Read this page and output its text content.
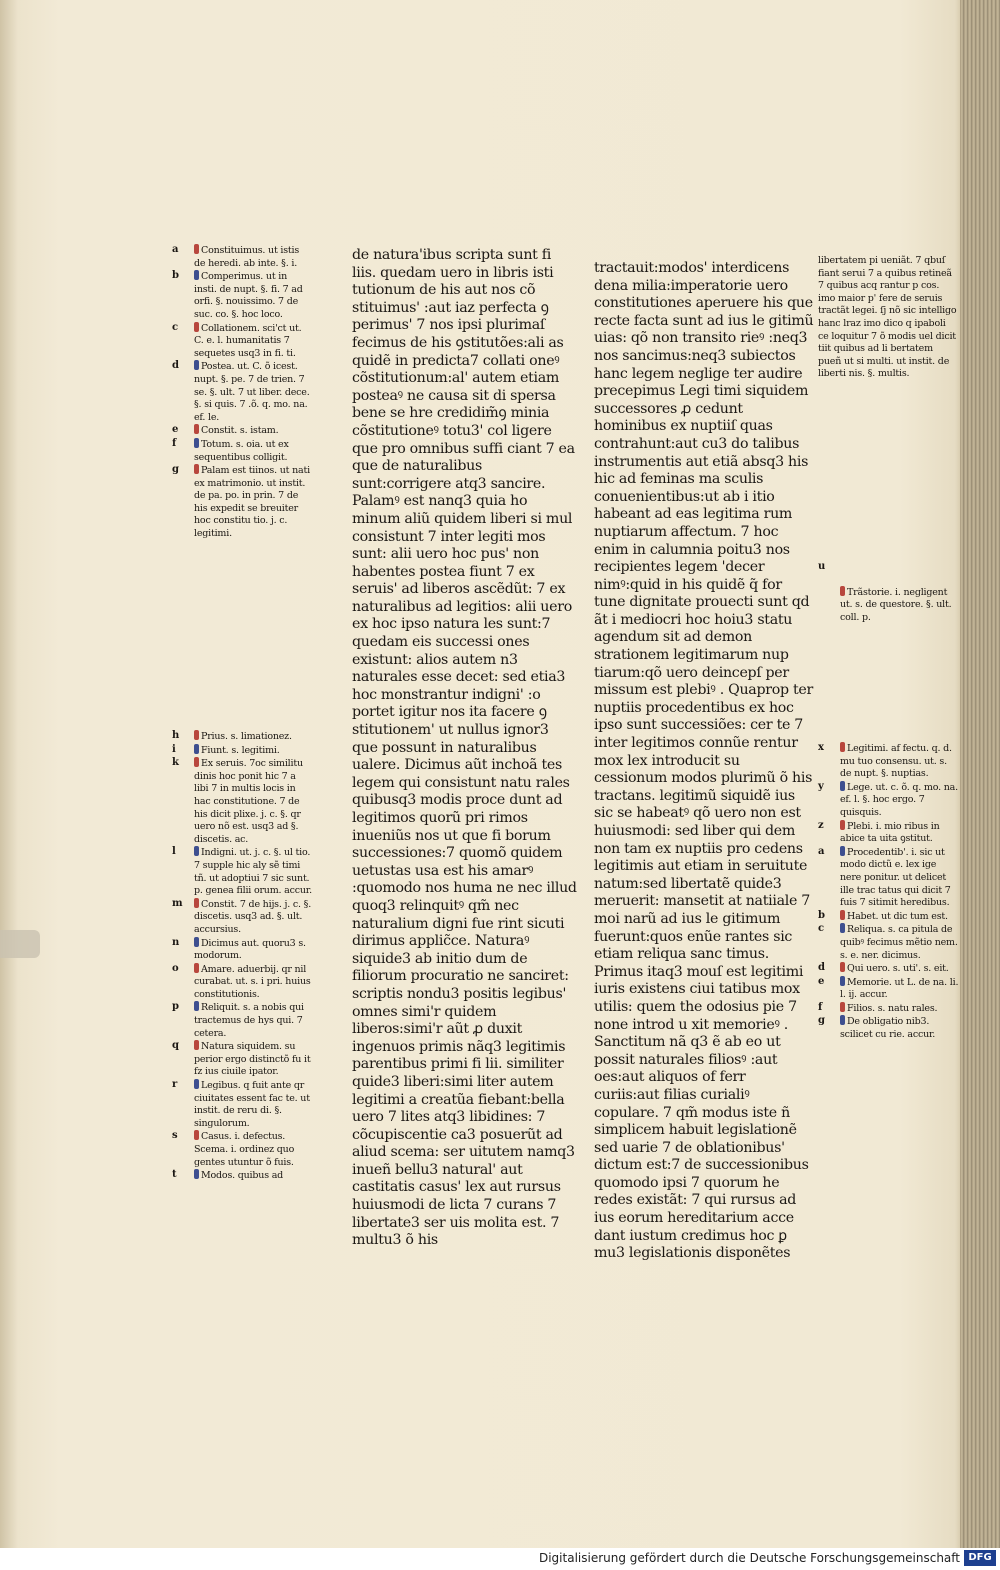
a Constituimus. ut istis de heredi. ab inte. §. i.
b Comperimus. ut in insti. de nupt. §. fi. 7 ad orfi. §. nouissimo. 7 de suc. co. §. hoc loco.
c Collationem. sci'ct ut. C. e. l. humanitatis 7 sequetes usq3 in fi. ti.
d Postea. ut. C. õ icest. nupt. §. pe. 7 de trien. 7 se. §. ult. 7 ut liber. dece. §. si quis. 7 .õ. q. mo. na. ef. le.
e Constit. s. istam.
f	Totum. s. oia. ut ex sequentibus colligit.
g Palam est tiinos. ut nati ex matrimonio. ut instit. de pa. po. in prin. 7 de his expedit se breuiter hoc constitu tio. j. c. legitimi.
h Prius. s. limationez.
i	Fiunt. s. legitimi.
k Ex seruis. 7oc similitu dinis hoc ponit hic 7 a libi 7 in multis locis in hac constitutione. 7 de his dicit plixe. j. c. §. qr uero nõ est. usq3 ad §. discetis. ac.
l	Indigni. ut. j. c. §. ul tio. 7 supple hic aly sẽ timi tñ. ut adoptiui 7 sic sunt. p. genea filii orum. accur.
m Constit. 7 de hijs. j. c. §. discetis. usq3 ad. §. ult. accursius.
n Dicimus aut. quoru3 s. modorum.
o Amare. aduerbij. qr nil curabat. ut. s. i pri. huius constitutionis.
p Reliquit. s. a nobis qui tractemus de hys qui. 7 cetera.
q Natura siquidem. su perior ergo distinctõ fu it fz ius ciuile ipator.
r	Legibus. q fuit ante qr ciuitates essent fac te. ut instit. de reru di. §. singulorum.
s Casus. i. defectus. Scema. i. ordinez quo gentes utuntur õ fuis.
t	Modos. quibus ad
de natura'ibus scripta sunt fi liis. quedam uero in libris isti tutionum de his aut nos cõ stituimus' :aut iaz perfecta ꝯ perimus' 7 nos ipsi plurimaſ fecimus de his ꝯstitutões:ali as quidẽ in predicta7 collati oneꝰ cõstitutionum:al' autem etiam posteaꝰ ne causa sit di spersa bene se hre credidim̃ꝯ minia cõstitutioneꝰ totu3' col ligere que pro omnibus suffi ciant 7 ea que de naturalibus sunt:corrigere atq3 sancire. Palamꝰ est nanq3 quia ho minum aliũ quidem liberi si mul consistunt 7 inter legiti mos sunt: alii uero hoc pus' non habentes postea fiunt 7 ex seruis' ad liberos ascẽdũt: 7 ex naturalibus ad legitios: alii uero ex hoc ipso natura les sunt:7 quedam eis successi ones existunt: alios autem n3 naturales esse decet: sed etia3 hoc monstrantur indigni' :o portet igitur nos ita facere ꝯ stitutionem' ut nullus ignor3 que possunt in naturalibus ualere. Dicimus aũt inchoã tes legem qui consistunt natu rales quibusq3 modis proce dunt ad legitimos quorũ pri rimos inueniũs nos ut que fi borum successiones:7 quomõ quidem uetustas usa est his amarꝰ :quomodo nos huma ne nec illud quoq3 relinquitꝰ qm̃ nec naturalium digni fue rint sicuti dirimus applic̃ce. Naturaꝰ siquide3 ab initio dum de filiorum procuratio ne sanciret: scriptis nondu3 positis legibus' omnes simi'r quidem liberos:simi'r aũt ꝓ duxit ingenuos primis nãq3 legitimis parentibus primi fi lii. similiter quide3 liberi:simi liter autem legitimi a creatũa fiebant:bella uero 7 lites atq3 libidines: 7 cõcupiscentie ca3 posuerũt ad aliud scema: ser uitutem namq3 inueñ bellu3 natural' aut castitatis casus' lex aut rursus huiusmodi de licta 7 curans 7 libertate3 ser uis molita est. 7 multu3 õ his
tractauit:modos' interdicens dena milia:imperatorie uero constitutiones aperuere his que recte facta sunt ad ius le gitimũ uias: qõ non transito rieꝰ :neq3 nos sancimus:neq3 subiectos hanc legem neglige ter audire precepimus Legi timi siquidem successores ꝓ cedunt hominibus ex nuptiiſ quas contrahunt:aut cu3 do talibus instrumentis aut etiã absq3 his hic ad feminas ma sculis conuenientibus:ut ab i itio habeant ad eas legitima rum nuptiarum affectum. 7 hoc enim in calumnia poitu3 nos recipientes legem 'decer nimꝰ:quid in his quidẽ q̃ for tune dignitate prouecti sunt qd ãt i mediocri hoc hoiu3 statu agendum sit ad demon strationem legitimarum nup tiarum:qõ uero deincepſ per missum est plebiꝰ . Quaprop ter nuptiis procedentibus ex hoc ipso sunt successiões: cer te 7 inter legitimos connũe rentur mox lex introducit su cessionum modos plurimũ õ his tractans. legitimũ siquidẽ ius sic se habeatꝰ qõ uero non est huiusmodi: sed liber qui dem non tam ex nuptiis pro cedens legitimis aut etiam in seruitute natum:sed libertatẽ quide3 meruerit: mansetit at natiiale 7 moi narũ ad ius le gitimum fuerunt:quos enũe rantes sic etiam reliqua sanc timus. Primus itaq3 mouſ est legitimi iuris existens ciui tatibus mox utilis: quem the odosius pie 7 none introd u xit memorieꝰ . Sanctitum nã q3 ẽ ab eo ut possit naturales filiosꝰ :aut oes:aut aliquos of ferr curiis:aut filias curialiꝰ copulare. 7 qm̃ modus iste ñ simplicem habuit legislationẽ sed uarie 7 de oblationibus' dictum est:7 de successionibus quomodo ipsi 7 quorum he redes existãt: 7 qui rursus ad ius eorum hereditarium acce dant iustum credimus hoc ꝑ mu3 legislationis disponẽtes
libertatem pi ueniãt. 7 qbuſ fiant serui 7 a quibus retineã 7 quibus acq rantur p cos. imo maior p' fere de seruis tractãt legei. ſj nõ sic intelligo hanc lraz imo dico q ipaboli ce loquitur 7 õ modis uel dicit tiit quibus ad li bertatem pueñ ut si multi. ut instit. de liberti nis. §. multis.

u

Trãstorie. i. negligent ut. s. de questore. §. ult. coll. p.

x Legitimi. af fectu. q. d. mu tuo consensu. ut. s. de nupt. §. nuptias.
y Lege. ut. c. õ. q. mo. na. ef. l. §. hoc ergo. 7 quisquis.
z Plebi. i. mio ribus in abice ta uita ꝯstitut.
a Procedentib'. i. sic ut modo dictũ e. lex ige nere ponitur. ut delicet ille trac tatus qui dicit 7 fuis 7 sitimit heredibus.
b Habet. ut dic tum est.
c Reliqua. s. ca pitula de quibꝰ fecimus mẽtio nem. s. e. ner. dicimus.
d Qui uero. s. uti'. s. eit.
e Memorie. ut L. de na. li. l. ij. accur.
f	Filios. s. natu rales.
g De obligatio nib3. scilicet cu rie. accur.
Digitalisierung gefördert durch die Deutsche Forschungsgemeinschaft DFG
